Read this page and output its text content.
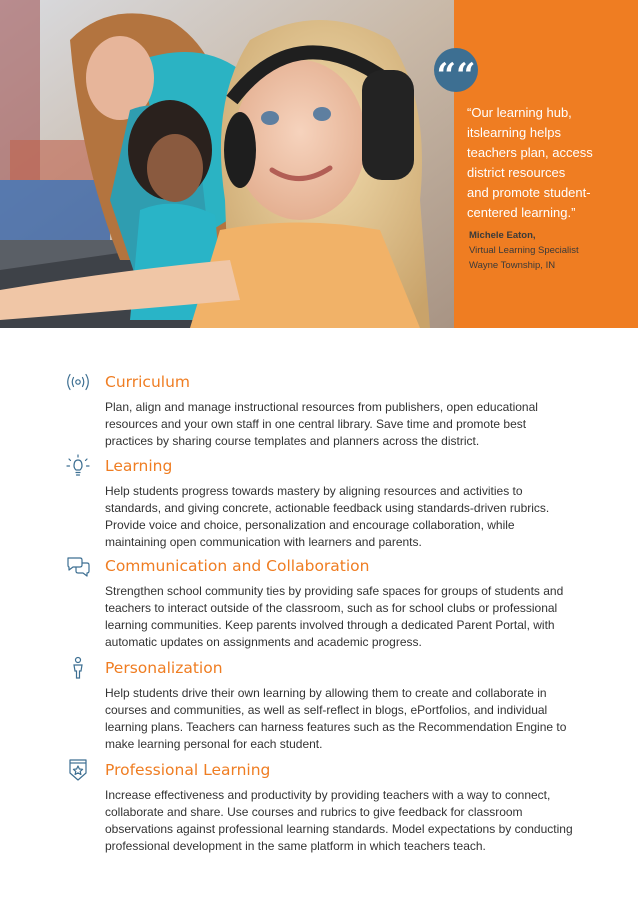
““

“Our learning hub,
itslearning helps
teachers plan, access
district resources
and promote student-
centered learning.”

Michele Eaton,
Virtual Learning Specialist
Wayne Township, IN
Curriculum

Plan, align and manage instructional resources from publishers, open educational resources and your own staff in one central library. Save time and promote best practices by sharing course templates and planners across the district.

Learning

Help students progress towards mastery by aligning resources and activities to standards, and giving concrete, actionable feedback using standards-driven rubrics. Provide voice and choice, personalization and encourage collaboration, while maintaining open communication with learners and parents.

Communication and Collaboration

Strengthen school community ties by providing safe spaces for groups of students and teachers to interact outside of the classroom, such as for school clubs or professional learning communities. Keep parents involved through a dedicated Parent Portal, with automatic updates on assignments and academic progress.

Personalization

Help students drive their own learning by allowing them to create and collaborate in courses and communities, as well as self-reflect in blogs, ePortfolios, and individual learning plans. Teachers can harness features such as the Recommendation Engine to make learning personal for each student.

Professional Learning

Increase effectiveness and productivity by providing teachers with a way to connect, collaborate and share. Use courses and rubrics to give feedback for classroom observations against professional learning standards. Model expectations by conducting professional development in the same platform in which teachers teach.
